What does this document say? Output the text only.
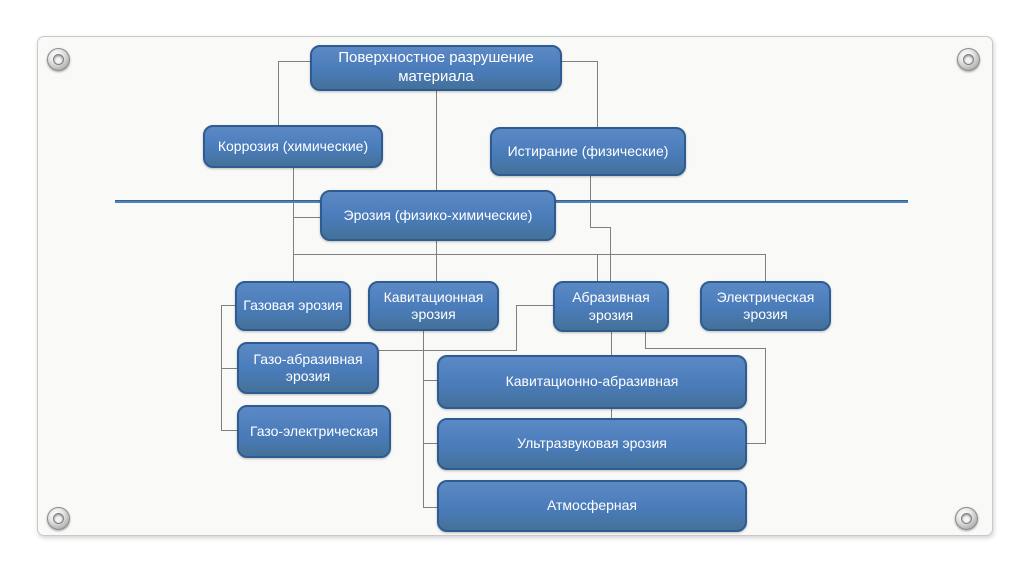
Поверхностное разрушение материала
Коррозия (химические)	Истирание (физические)
Эрозия (физико-химические)
Газовая эрозия
Кавитационная эрозия
Абразивная эрозия
Электрическая эрозия
Газо-абразивная эрозия
Газо-электрическая
Кавитационно-абразивная
Ультразвуковая эрозия
Атмосферная
